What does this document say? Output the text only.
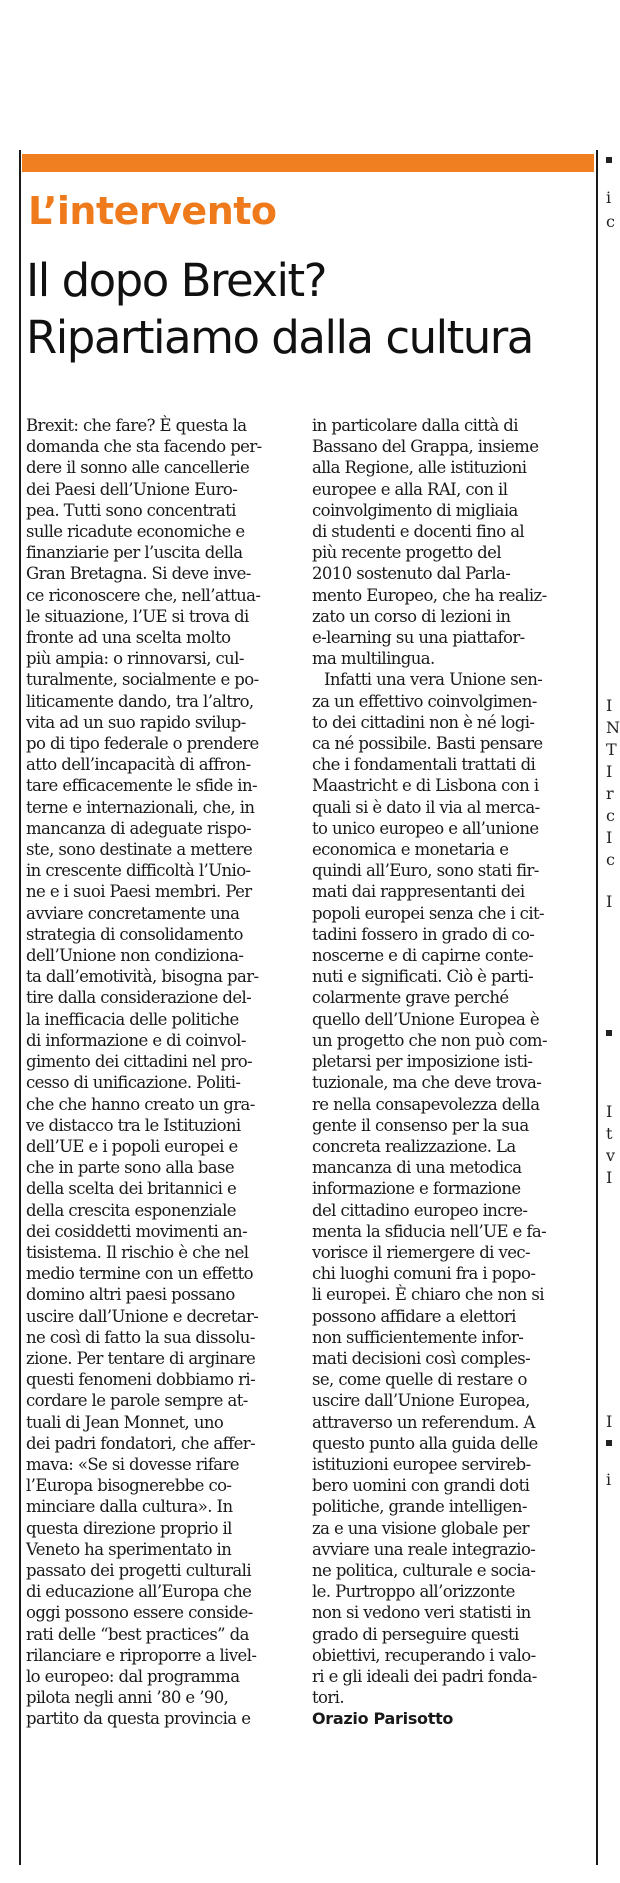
L’intervento
Il dopo Brexit?
Ripartiamo dalla cultura
Brexit: che fare? È questa la
domanda che sta facendo per-
dere il sonno alle cancellerie
dei Paesi dell’Unione Euro-
pea. Tutti sono concentrati
sulle ricadute economiche e
finanziarie per l’uscita della
Gran Bretagna. Si deve inve-
ce riconoscere che, nell’attua-
le situazione, l’UE si trova di
fronte ad una scelta molto
più ampia: o rinnovarsi, cul-
turalmente, socialmente e po-
liticamente dando, tra l’altro,
vita ad un suo rapido svilup-
po di tipo federale o prendere
atto dell’incapacità di affron-
tare efficacemente le sfide in-
terne e internazionali, che, in
mancanza di adeguate rispo-
ste, sono destinate a mettere
in crescente difficoltà l’Unio-
ne e i suoi Paesi membri. Per
avviare concretamente una
strategia di consolidamento
dell’Unione non condiziona-
ta dall’emotività, bisogna par-
tire dalla considerazione del-
la inefficacia delle politiche
di informazione e di coinvol-
gimento dei cittadini nel pro-
cesso di unificazione. Politi-
che che hanno creato un gra-
ve distacco tra le Istituzioni
dell’UE e i popoli europei e
che in parte sono alla base
della scelta dei britannici e
della crescita esponenziale
dei cosiddetti movimenti an-
tisistema. Il rischio è che nel
medio termine con un effetto
domino altri paesi possano
uscire dall’Unione e decretar-
ne così di fatto la sua dissolu-
zione. Per tentare di arginare
questi fenomeni dobbiamo ri-
cordare le parole sempre at-
tuali di Jean Monnet, uno
dei padri fondatori, che affer-
mava: «Se si dovesse rifare
l’Europa bisognerebbe co-
minciare dalla cultura». In
questa direzione proprio il
Veneto ha sperimentato in
passato dei progetti culturali
di educazione all’Europa che
oggi possono essere conside-
rati delle “best practices” da
rilanciare e riproporre a livel-
lo europeo: dal programma
pilota negli anni ’80 e ’90,
partito da questa provincia e
in particolare dalla città di
Bassano del Grappa, insieme
alla Regione, alle istituzioni
europee e alla RAI, con il
coinvolgimento di migliaia
di studenti e docenti fino al
più recente progetto del
2010 sostenuto dal Parla-
mento Europeo, che ha realiz-
zato un corso di lezioni in
e-learning su una piattafor-
ma multilingua.
Infatti una vera Unione sen-
za un effettivo coinvolgimen-
to dei cittadini non è né logi-
ca né possibile. Basti pensare
che i fondamentali trattati di
Maastricht e di Lisbona con i
quali si è dato il via al merca-
to unico europeo e all’unione
economica e monetaria e
quindi all’Euro, sono stati fir-
mati dai rappresentanti dei
popoli europei senza che i cit-
tadini fossero in grado di co-
noscerne e di capirne conte-
nuti e significati. Ciò è parti-
colarmente grave perché
quello dell’Unione Europea è
un progetto che non può com-
pletarsi per imposizione isti-
tuzionale, ma che deve trova-
re nella consapevolezza della
gente il consenso per la sua
concreta realizzazione. La
mancanza di una metodica
informazione e formazione
del cittadino europeo incre-
menta la sfiducia nell’UE e fa-
vorisce il riemergere di vec-
chi luoghi comuni fra i popo-
li europei. È chiaro che non si
possono affidare a elettori
non sufficientemente infor-
mati decisioni così comples-
se, come quelle di restare o
uscire dall’Unione Europea,
attraverso un referendum. A
questo punto alla guida delle
istituzioni europee servireb-
bero uomini con grandi doti
politiche, grande intelligen-
za e una visione globale per
avviare una reale integrazio-
ne politica, culturale e socia-
le. Purtroppo all’orizzonte
non si vedono veri statisti in
grado di perseguire questi
obiettivi, recuperando i valo-
ri e gli ideali dei padri fonda-
tori.
Orazio Parisotto
i
c
I
N
T
I
r
c
I
c
I
I
t
v
I
I
i
